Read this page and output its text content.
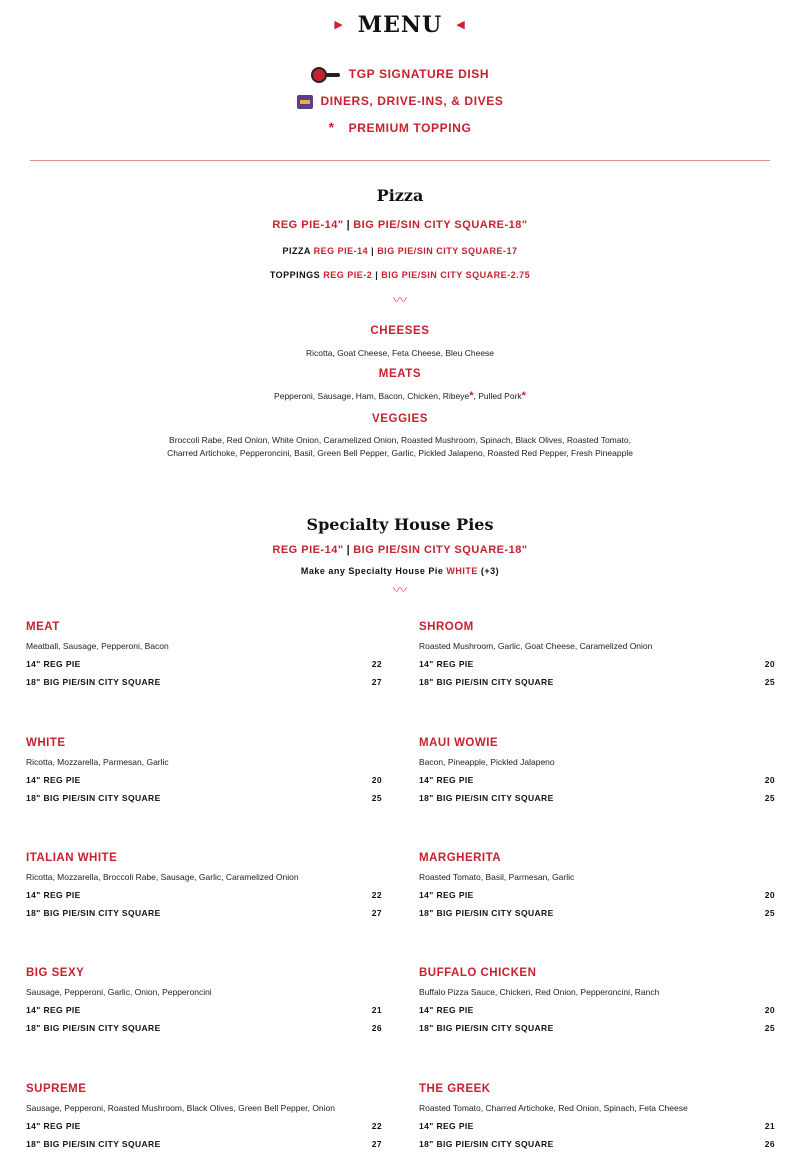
▶ MENU ◀
TGP SIGNATURE DISH
DINERS, DRIVE-INS, & DIVES
* PREMIUM TOPPING
Pizza
REG PIE-14" | BIG PIE/SIN CITY SQUARE-18"
PIZZA REG PIE-14 | BIG PIE/SIN CITY SQUARE-17
TOPPINGS REG PIE-2 | BIG PIE/SIN CITY SQUARE-2.75
〰
CHEESES
Ricotta, Goat Cheese, Feta Cheese, Bleu Cheese
MEATS
Pepperoni, Sausage, Ham, Bacon, Chicken, Ribeye*, Pulled Pork*
VEGGIES
Broccoli Rabe, Red Onion, White Onion, Caramelized Onion, Roasted Mushroom, Spinach, Black Olives, Roasted Tomato,
Charred Artichoke, Pepperoncini, Basil, Green Bell Pepper, Garlic, Pickled Jalapeno, Roasted Red Pepper, Fresh Pineapple
Specialty House Pies
REG PIE-14" | BIG PIE/SIN CITY SQUARE-18"
Make any Specialty House Pie WHITE (+3)
〰
MEAT
Meatball, Sausage, Pepperoni, Bacon
14" REG PIE	22
18" BIG PIE/SIN CITY SQUARE	27
SHROOM
Roasted Mushroom, Garlic, Goat Cheese, Caramelized Onion
14" REG PIE	20
18" BIG PIE/SIN CITY SQUARE	25
WHITE
Ricotta, Mozzarella, Parmesan, Garlic
14" REG PIE	20
18" BIG PIE/SIN CITY SQUARE	25
MAUI WOWIE
Bacon, Pineapple, Pickled Jalapeno
14" REG PIE	20
18" BIG PIE/SIN CITY SQUARE	25
ITALIAN WHITE
Ricotta, Mozzarella, Broccoli Rabe, Sausage, Garlic, Caramelized Onion
14" REG PIE	22
18" BIG PIE/SIN CITY SQUARE	27
MARGHERITA
Roasted Tomato, Basil, Parmesan, Garlic
14" REG PIE	20
18" BIG PIE/SIN CITY SQUARE	25
BIG SEXY
Sausage, Pepperoni, Garlic, Onion, Pepperoncini
14" REG PIE	21
18" BIG PIE/SIN CITY SQUARE	26
BUFFALO CHICKEN
Buffalo Pizza Sauce, Chicken, Red Onion, Pepperoncini, Ranch
14" REG PIE	20
18" BIG PIE/SIN CITY SQUARE	25
SUPREME
Sausage, Pepperoni, Roasted Mushroom, Black Olives, Green Bell Pepper, Onion
14" REG PIE	22
18" BIG PIE/SIN CITY SQUARE	27
THE GREEK
Roasted Tomato, Charred Artichoke, Red Onion, Spinach, Feta Cheese
14" REG PIE	21
18" BIG PIE/SIN CITY SQUARE	26
